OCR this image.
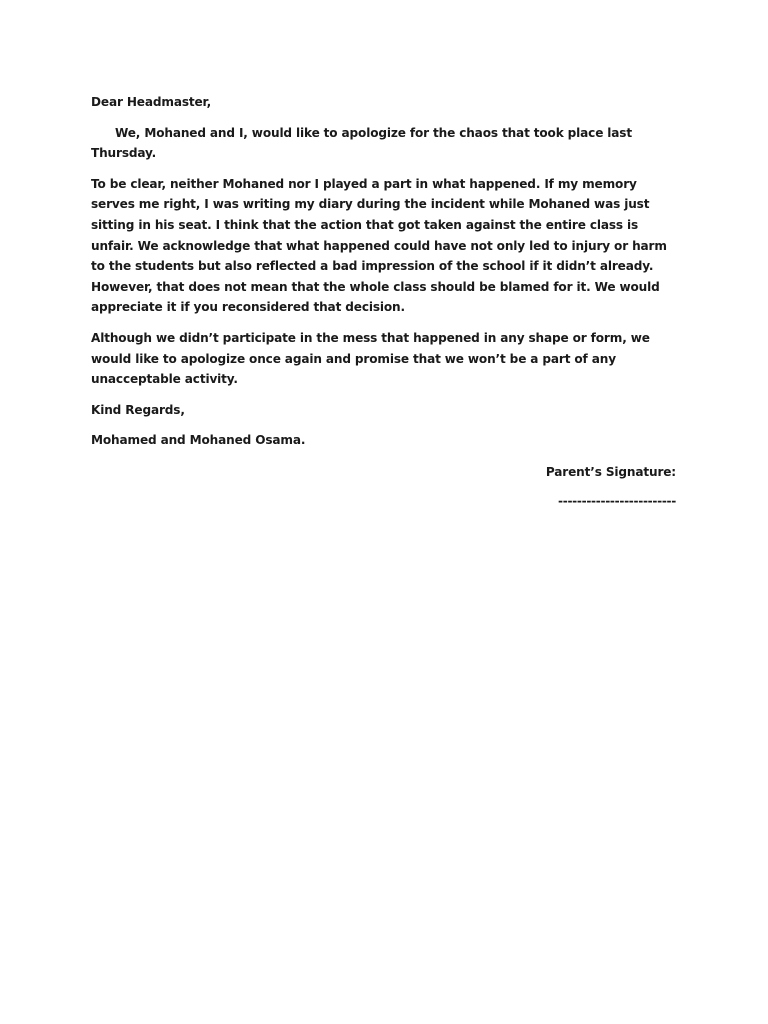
Dear Headmaster,

We, Mohaned and I, would like to apologize for the chaos that took place last Thursday.

To be clear, neither Mohaned nor I played a part in what happened. If my memory serves me right, I was writing my diary during the incident while Mohaned was just sitting in his seat. I think that the action that got taken against the entire class is unfair. We acknowledge that what happened could have not only led to injury or harm to the students but also reflected a bad impression of the school if it didn’t already. However, that does not mean that the whole class should be blamed for it. We would appreciate it if you reconsidered that decision.

Although we didn’t participate in the mess that happened in any shape or form, we would like to apologize once again and promise that we won’t be a part of any unacceptable activity.

Kind Regards,

Mohamed and Mohaned Osama.

Parent’s Signature:

-------------------------
